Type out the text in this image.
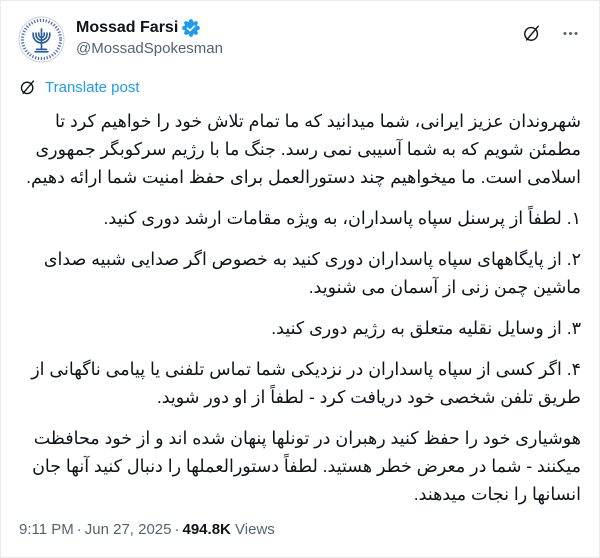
Mossad Farsi
@MossadSpokesman
Translate post

شهروندان عزیز ایرانی، شما میدانید که ما تمام تلاش خود را خواهیم کرد تا مطمئن شویم که به شما آسیبی نمی رسد. جنگ ما با رژیم سرکوبگر جمهوری اسلامی است. ما میخواهیم چند دستورالعمل برای حفظ امنیت شما ارائه دهیم.

۱. لطفاً از پرسنل سپاه پاسداران، به ویژه مقامات ارشد دوری کنید.

۲. از پایگاههای سپاه پاسداران دوری کنید به خصوص اگر صدایی شبیه صدای ماشین چمن زنی از آسمان می شنوید.

۳. از وسایل نقلیه متعلق به رژیم دوری کنید.

۴. اگر کسی از سپاه پاسداران در نزدیکی شما تماس تلفنی یا پیامی ناگهانی از طریق تلفن شخصی خود دریافت کرد - لطفاً از او دور شوید.

هوشیاری خود را حفظ کنید رهبران در تونلها پنهان شده اند و از خود محافظت میکنند - شما در معرض خطر هستید. لطفاً دستورالعملها را دنبال کنید آنها جان انسانها را نجات میدهند.

9:11 PM · Jun 27, 2025 · 494.8K Views
